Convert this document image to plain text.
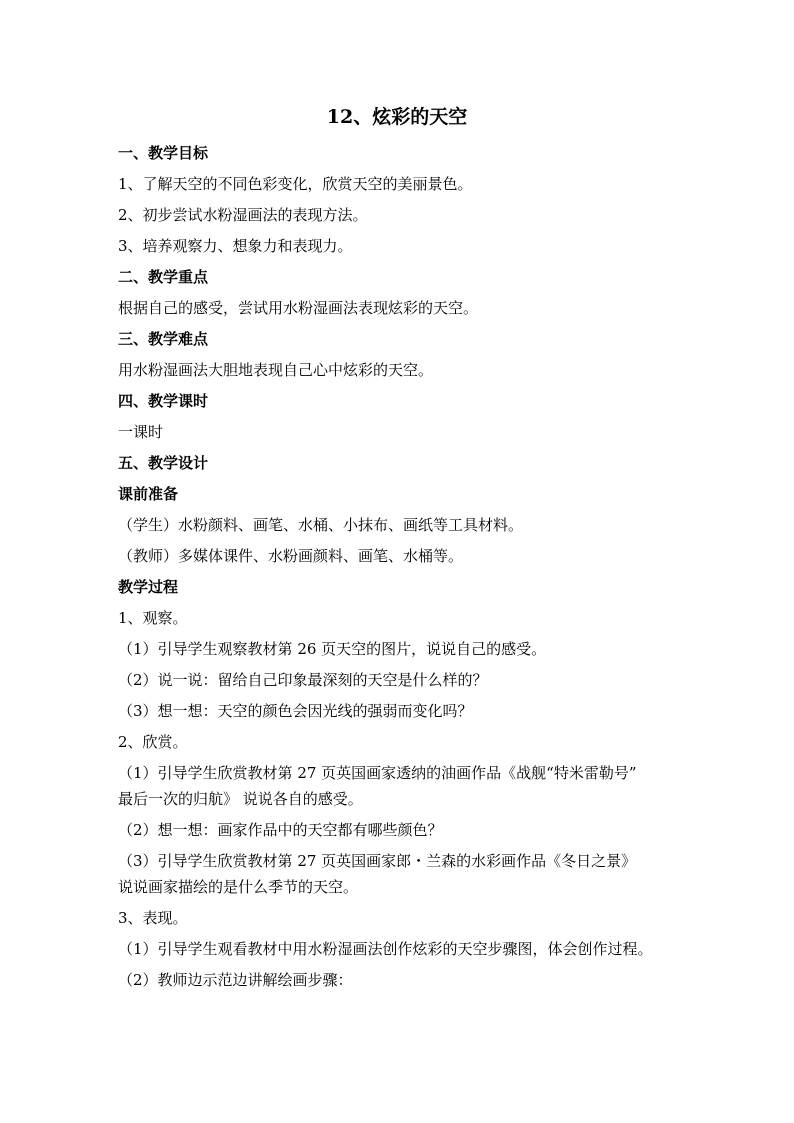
12、炫彩的天空
一、教学目标
1、了解天空的不同色彩变化，欣赏天空的美丽景色。
2、初步尝试水粉湿画法的表现方法。
3、培养观察力、想象力和表现力。
二、教学重点
根据自己的感受，尝试用水粉湿画法表现炫彩的天空。
三、教学难点
用水粉湿画法大胆地表现自己心中炫彩的天空。
四、教学课时
一课时
五、教学设计
课前准备
（学生）水粉颜料、画笔、水桶、小抹布、画纸等工具材料。
（教师）多媒体课件、水粉画颜料、画笔、水桶等。
教学过程
1、观察。
（1）引导学生观察教材第 26 页天空的图片，说说自己的感受。
（2）说一说：留给自己印象最深刻的天空是什么样的？
（3）想一想：天空的颜色会因光线的强弱而变化吗？
2、欣赏。
（1）引导学生欣赏教材第 27 页英国画家透纳的油画作品《战舰“特米雷勒号”
最后一次的归航》 说说各自的感受。
（2）想一想：画家作品中的天空都有哪些颜色？
（3）引导学生欣赏教材第 27 页英国画家郎・兰森的水彩画作品《冬日之景》
说说画家描绘的是什么季节的天空。
3、表现。
（1）引导学生观看教材中用水粉湿画法创作炫彩的天空步骤图，体会创作过程。
（2）教师边示范边讲解绘画步骤：
